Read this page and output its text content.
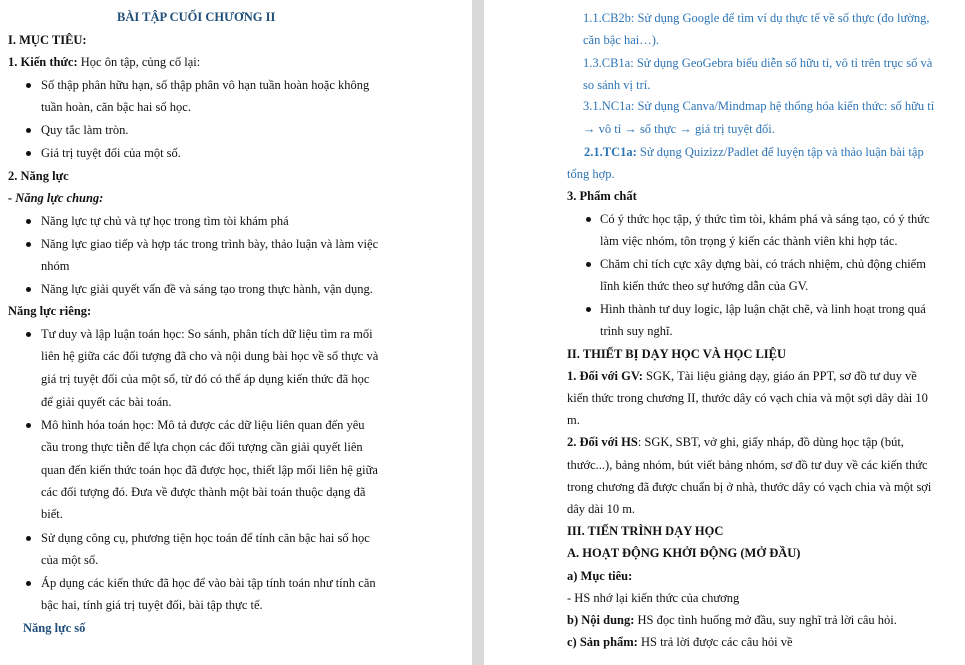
BÀI TẬP CUỐI CHƯƠNG II
I. MỤC TIÊU:
1. Kiến thức: Học ôn tập, củng cố lại:
Số thập phân hữu hạn, số thập phân vô hạn tuần hoàn hoặc không
tuần hoàn, căn bậc hai số học.
Quy tắc làm tròn.
Giá trị tuyệt đối của một số.
2. Năng lực
- Năng lực chung:
Năng lực tự chủ và tự học trong tìm tòi khám phá
Năng lực giao tiếp và hợp tác trong trình bày, thảo luận và làm việc
nhóm
Năng lực giải quyết vấn đề và sáng tạo trong thực hành, vận dụng.
Năng lực riêng:
Tư duy và lập luận toán học: So sánh, phân tích dữ liệu tìm ra mối
liên hệ giữa các đối tượng đã cho và nội dung bài học về số thực và
giá trị tuyệt đối của một số, từ đó có thể áp dụng kiến thức đã học
để giải quyết các bài toán.
Mô hình hóa toán học: Mô tả được các dữ liệu liên quan đến yêu
cầu trong thực tiễn để lựa chọn các đối tượng cần giải quyết liên
quan đến kiến thức toán học đã được học, thiết lập mối liên hệ giữa
các đối tượng đó. Đưa về được thành một bài toán thuộc dạng đã
biết.
Sử dụng công cụ, phương tiện học toán để tính căn bậc hai số học
của một số.
Áp dụng các kiến thức đã học để vào bài tập tính toán như tính căn
bậc hai, tính giá trị tuyệt đối, bài tập thực tế.
Năng lực số
1.1.CB2b: Sử dụng Google để tìm ví dụ thực tế về số thực (đo lường,
căn bậc hai…).
1.3.CB1a: Sử dụng GeoGebra biểu diễn số hữu tỉ, vô tỉ trên trục số và
so sánh vị trí.
3.1.NC1a: Sử dụng Canva/Mindmap hệ thống hóa kiến thức: số hữu tỉ
→ vô tỉ → số thực → giá trị tuyệt đối.
2.1.TC1a: Sử dụng Quizizz/Padlet để luyện tập và thảo luận bài tập
tổng hợp.
3. Phẩm chất
Có ý thức học tập, ý thức tìm tòi, khám phá và sáng tạo, có ý thức
làm việc nhóm, tôn trọng ý kiến các thành viên khi hợp tác.
Chăm chỉ tích cực xây dựng bài, có trách nhiệm, chủ động chiếm
lĩnh kiến thức theo sự hướng dẫn của GV.
Hình thành tư duy logic, lập luận chặt chẽ, và linh hoạt trong quá
trình suy nghĩ.
II. THIẾT BỊ DẠY HỌC VÀ HỌC LIỆU
1. Đối với GV: SGK, Tài liệu giảng dạy, giáo án PPT, sơ đồ tư duy về
kiến thức trong chương II, thước dây có vạch chia và một sợi dây dài 10
m.
2. Đối với HS: SGK, SBT, vở ghi, giấy nháp, đồ dùng học tập (bút,
thước...), bảng nhóm, bút viết bảng nhóm, sơ đồ tư duy về các kiến thức
trong chương đã được chuẩn bị ở nhà, thước dây có vạch chia và một sợi
dây dài 10 m.
III. TIẾN TRÌNH DẠY HỌC
A. HOẠT ĐỘNG KHỞI ĐỘNG (MỞ ĐẦU)
a) Mục tiêu:
- HS nhớ lại kiến thức của chương
b) Nội dung: HS đọc tình huống mở đầu, suy nghĩ trả lời câu hỏi.
c) Sản phẩm: HS trả lời được các câu hỏi về
